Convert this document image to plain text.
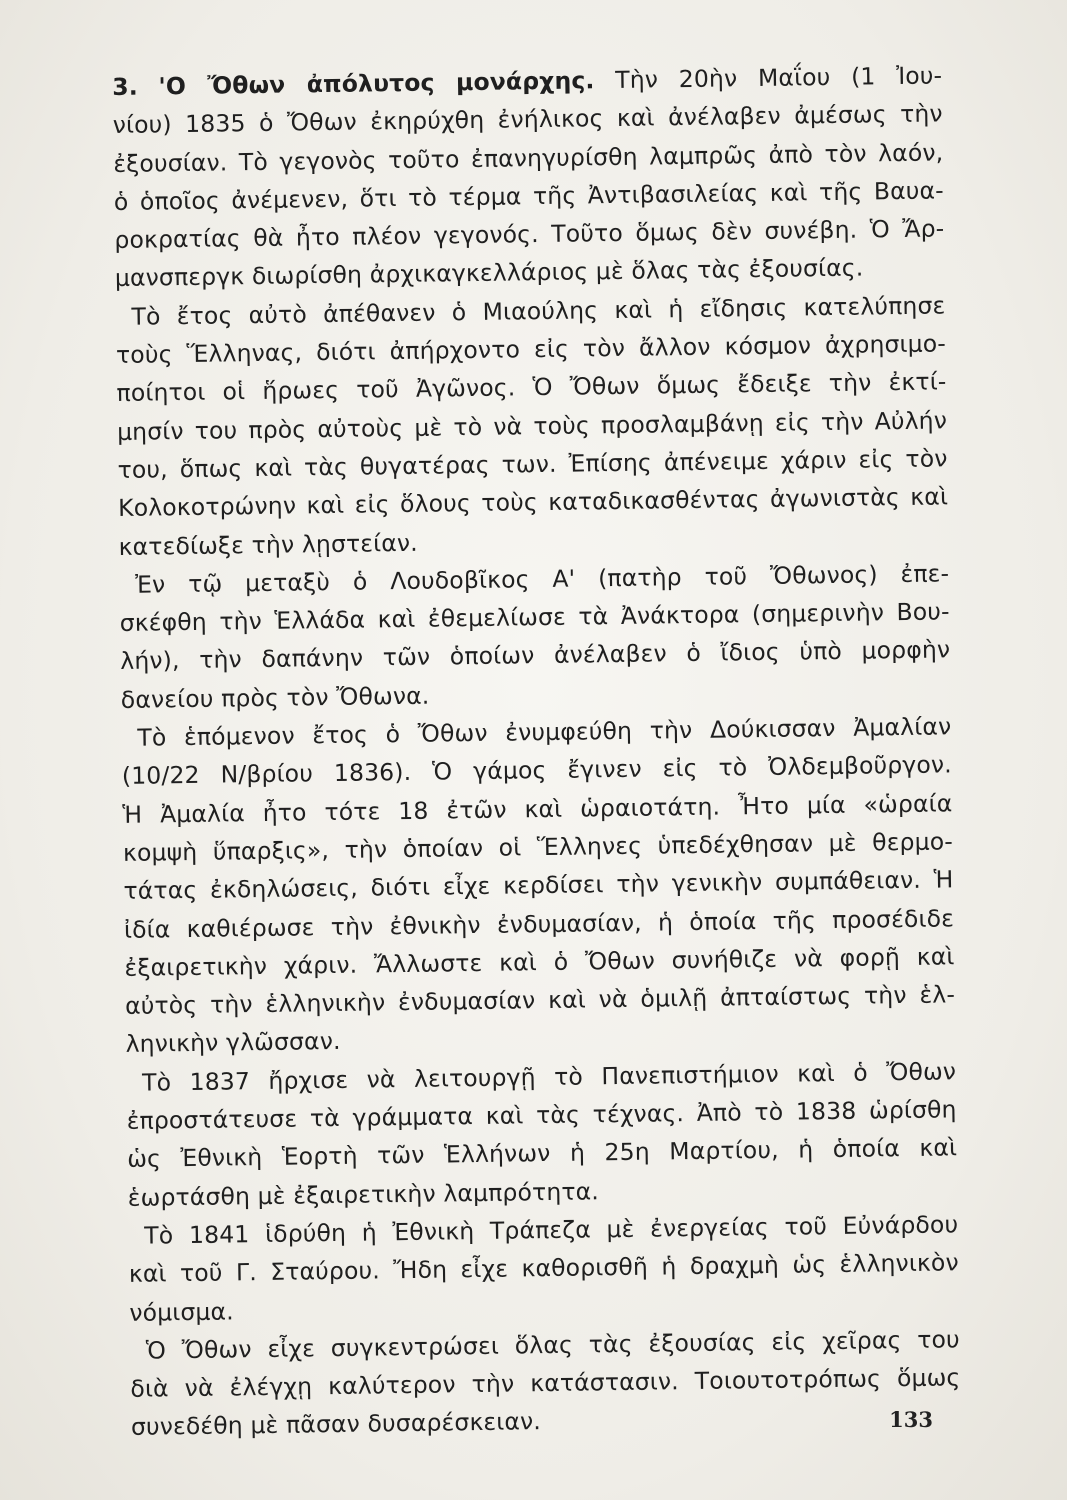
3. 'Ο Ὄθων ἀπόλυτος μονάρχης. Τὴν 20ὴν Μαΐου (1 Ἰου-
νίου) 1835 ὁ Ὄθων ἐκηρύχθη ἐνήλικος καὶ ἀνέλαβεν ἀμέσως τὴν
ἐξουσίαν. Τὸ γεγονὸς τοῦτο ἐπανηγυρίσθη λαμπρῶς ἀπὸ τὸν λαόν,
ὁ ὁποῖος ἀνέμενεν, ὅτι τὸ τέρμα τῆς Ἀντιβασιλείας καὶ τῆς Βαυα-
ροκρατίας θὰ ἦτο πλέον γεγονός. Τοῦτο ὅμως δὲν συνέβη. Ὁ Ἄρ-
μανσπεργκ διωρίσθη ἀρχικαγκελλάριος μὲ ὅλας τὰς ἐξουσίας.
Τὸ ἔτος αὐτὸ ἀπέθανεν ὁ Μιαούλης καὶ ἡ εἴδησις κατελύπησε
τοὺς Ἕλληνας, διότι ἀπήρχοντο εἰς τὸν ἄλλον κόσμον ἀχρησιμο-
ποίητοι οἱ ἥρωες τοῦ Ἀγῶνος. Ὁ Ὄθων ὅμως ἔδειξε τὴν ἐκτί-
μησίν του πρὸς αὐτοὺς μὲ τὸ νὰ τοὺς προσλαμβάνῃ εἰς τὴν Αὐλήν
του, ὅπως καὶ τὰς θυγατέρας των. Ἐπίσης ἀπένειμε χάριν εἰς τὸν
Κολοκοτρώνην καὶ εἰς ὅλους τοὺς καταδικασθέντας ἀγωνιστὰς καὶ
κατεδίωξε τὴν λῃστείαν.
Ἐν τῷ μεταξὺ ὁ Λουδοβῖκος Α' (πατὴρ τοῦ Ὄθωνος) ἐπε-
σκέφθη τὴν Ἑλλάδα καὶ ἐθεμελίωσε τὰ Ἀνάκτορα (σημερινὴν Βου-
λήν), τὴν δαπάνην τῶν ὁποίων ἀνέλαβεν ὁ ἴδιος ὑπὸ μορφὴν
δανείου πρὸς τὸν Ὄθωνα.
Τὸ ἑπόμενον ἔτος ὁ Ὄθων ἐνυμφεύθη τὴν Δούκισσαν Ἀμαλίαν
(10/22 Ν/βρίου 1836). Ὁ γάμος ἔγινεν εἰς τὸ Ὀλδεμβοῦργον.
Ἡ Ἀμαλία ἦτο τότε 18 ἐτῶν καὶ ὡραιοτάτη. Ἦτο μία «ὡραία
κομψὴ ὕπαρξις», τὴν ὁποίαν οἱ Ἕλληνες ὑπεδέχθησαν μὲ θερμο-
τάτας ἐκδηλώσεις, διότι εἶχε κερδίσει τὴν γενικὴν συμπάθειαν. Ἡ
ἰδία καθιέρωσε τὴν ἐθνικὴν ἐνδυμασίαν, ἡ ὁποία τῆς προσέδιδε
ἐξαιρετικὴν χάριν. Ἄλλωστε καὶ ὁ Ὄθων συνήθιζε νὰ φορῇ καὶ
αὐτὸς τὴν ἑλληνικὴν ἐνδυμασίαν καὶ νὰ ὁμιλῇ ἀπταίστως τὴν ἑλ-
ληνικὴν γλῶσσαν.
Τὸ 1837 ἤρχισε νὰ λειτουργῇ τὸ Πανεπιστήμιον καὶ ὁ Ὄθων
ἐπροστάτευσε τὰ γράμματα καὶ τὰς τέχνας. Ἀπὸ τὸ 1838 ὡρίσθη
ὡς Ἐθνικὴ Ἑορτὴ τῶν Ἑλλήνων ἡ 25η Μαρτίου, ἡ ὁποία καὶ
ἑωρτάσθη μὲ ἐξαιρετικὴν λαμπρότητα.
Τὸ 1841 ἱδρύθη ἡ Ἐθνικὴ Τράπεζα μὲ ἐνεργείας τοῦ Εὐνάρδου
καὶ τοῦ Γ. Σταύρου. Ἤδη εἶχε καθορισθῆ ἡ δραχμὴ ὡς ἑλληνικὸν
νόμισμα.
Ὁ Ὄθων εἶχε συγκεντρώσει ὅλας τὰς ἐξουσίας εἰς χεῖρας του
διὰ νὰ ἐλέγχῃ καλύτερον τὴν κατάστασιν. Τοιουτοτρόπως ὅμως
συνεδέθη μὲ πᾶσαν δυσαρέσκειαν.	133
